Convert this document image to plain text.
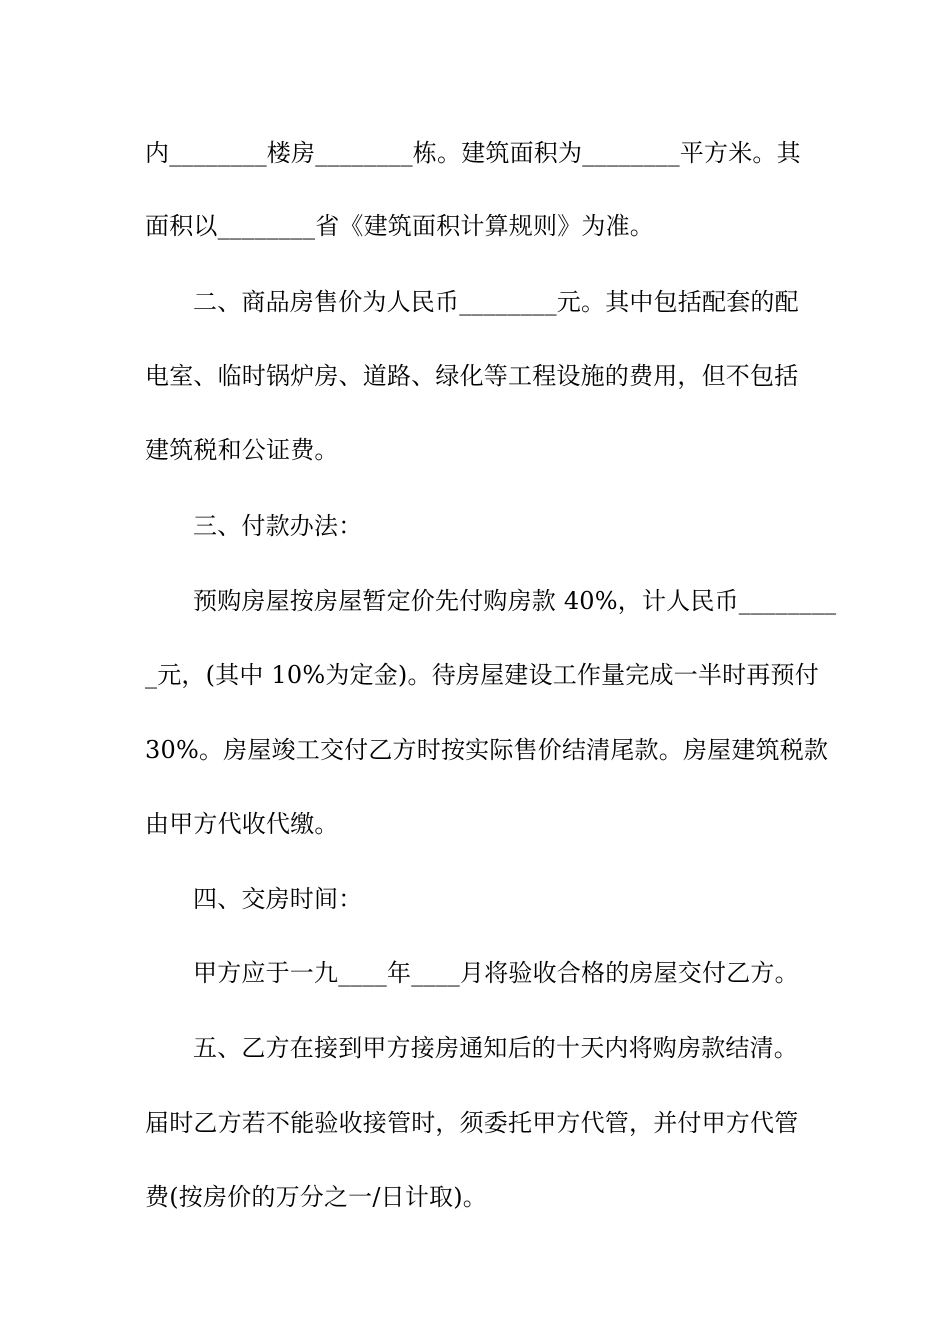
内________楼房________栋。建筑面积为________平方米。其
面积以________省《建筑面积计算规则》为准。
二、商品房售价为人民币________元。其中包括配套的配
电室、临时锅炉房、道路、绿化等工程设施的费用，但不包括
建筑税和公证费。
三、付款办法：
预购房屋按房屋暂定价先付购房款 40%，计人民币________
_元，(其中 10%为定金)。待房屋建设工作量完成一半时再预付
30%。房屋竣工交付乙方时按实际售价结清尾款。房屋建筑税款
由甲方代收代缴。
四、交房时间：
甲方应于一九____年____月将验收合格的房屋交付乙方。
五、乙方在接到甲方接房通知后的十天内将购房款结清。
届时乙方若不能验收接管时，须委托甲方代管，并付甲方代管
费(按房价的万分之一/日计取)。
